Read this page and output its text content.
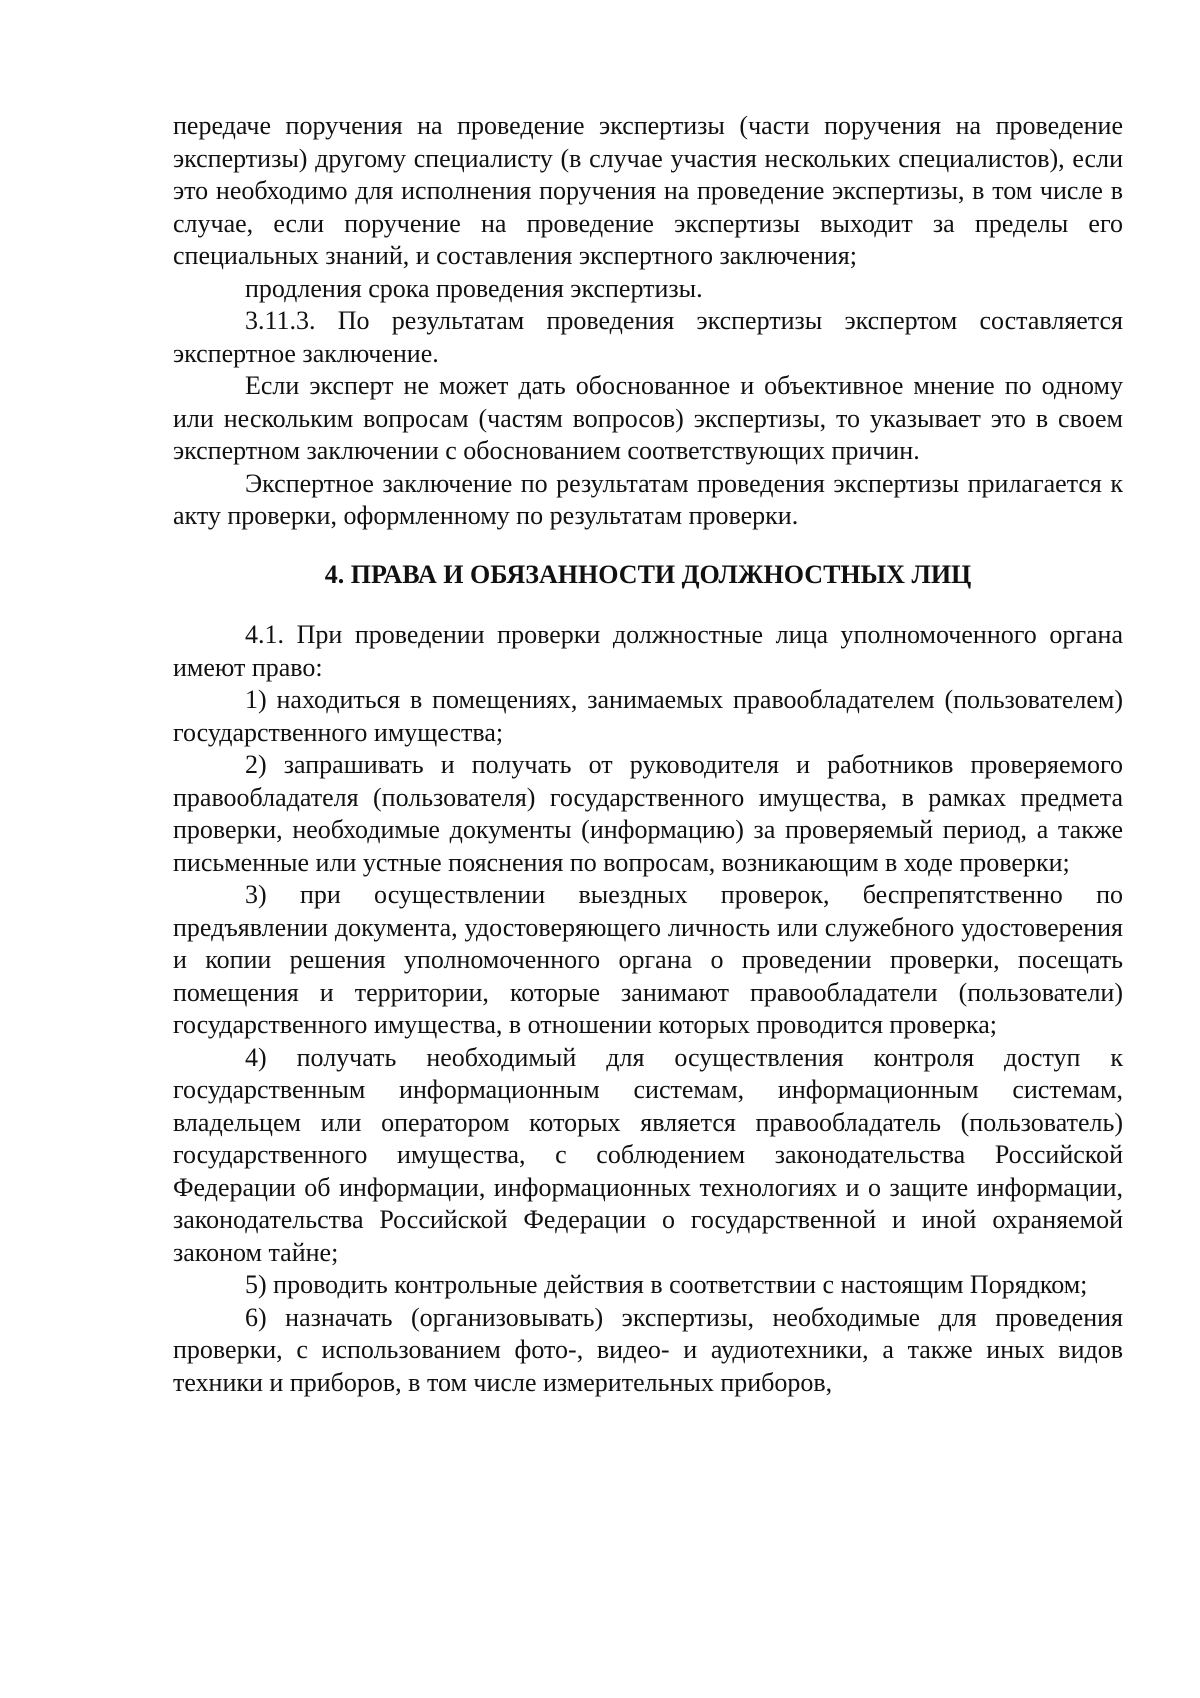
передаче поручения на проведение экспертизы (части поручения на проведение экспертизы) другому специалисту (в случае участия нескольких специалистов), если это необходимо для исполнения поручения на проведение экспертизы, в том числе в случае, если поручение на проведение экспертизы выходит за пределы его специальных знаний, и составления экспертного заключения;

продления срока проведения экспертизы.

3.11.3. По результатам проведения экспертизы экспертом составляется экспертное заключение.

Если эксперт не может дать обоснованное и объективное мнение по одному или нескольким вопросам (частям вопросов) экспертизы, то указывает это в своем экспертном заключении с обоснованием соответствующих причин.

Экспертное заключение по результатам проведения экспертизы прилагается к акту проверки, оформленному по результатам проверки.

4. ПРАВА И ОБЯЗАННОСТИ ДОЛЖНОСТНЫХ ЛИЦ

4.1. При проведении проверки должностные лица уполномоченного органа имеют право:

1) находиться в помещениях, занимаемых правообладателем (пользователем) государственного имущества;

2) запрашивать и получать от руководителя и работников проверяемого правообладателя (пользователя) государственного имущества, в рамках предмета проверки, необходимые документы (информацию) за проверяемый период, а также письменные или устные пояснения по вопросам, возникающим в ходе проверки;

3) при осуществлении выездных проверок, беспрепятственно по предъявлении документа, удостоверяющего личность или служебного удостоверения и копии решения уполномоченного органа о проведении проверки, посещать помещения и территории, которые занимают правообладатели (пользователи) государственного имущества, в отношении которых проводится проверка;

4) получать необходимый для осуществления контроля доступ к государственным информационным системам, информационным системам, владельцем или оператором которых является правообладатель (пользователь) государственного имущества, с соблюдением законодательства Российской Федерации об информации, информационных технологиях и о защите информации, законодательства Российской Федерации о государственной и иной охраняемой законом тайне;

5) проводить контрольные действия в соответствии с настоящим Порядком;

6) назначать (организовывать) экспертизы, необходимые для проведения проверки, с использованием фото-, видео- и аудиотехники, а также иных видов техники и приборов, в том числе измерительных приборов,
